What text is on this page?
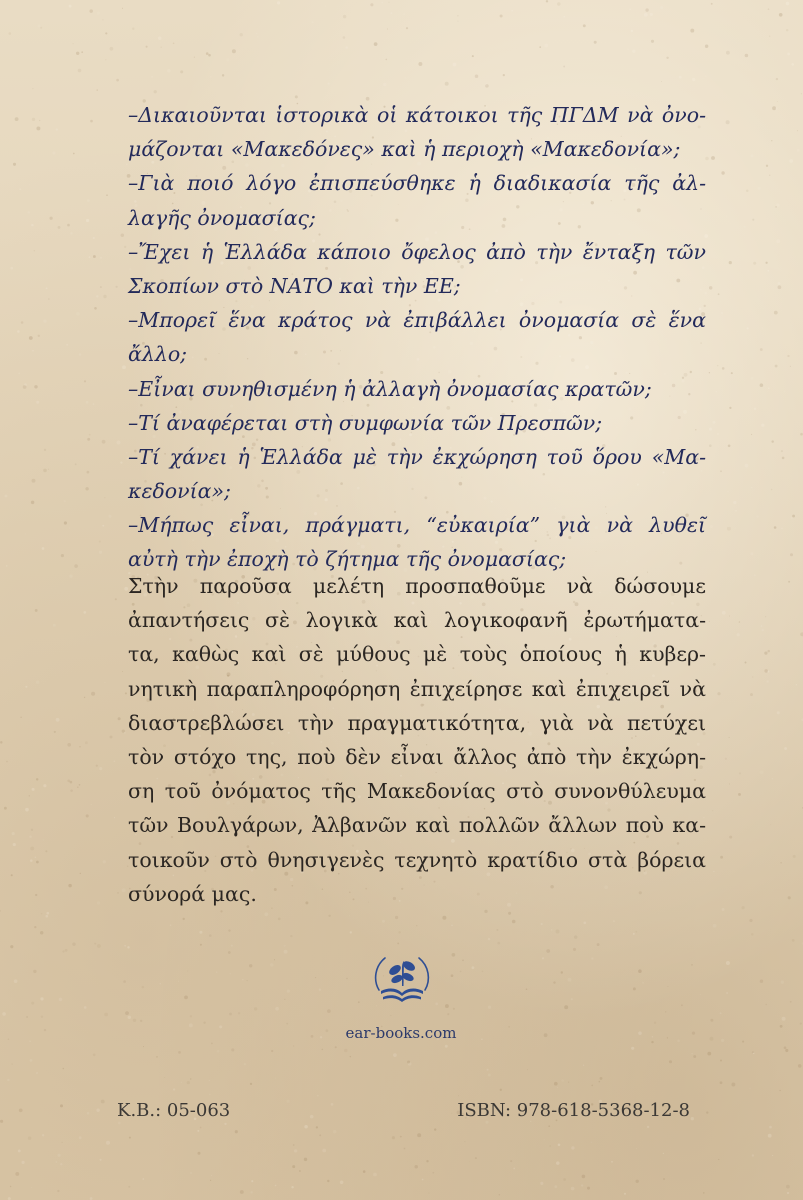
–Δικαιοῦνται ἱστορικὰ οἱ κάτοικοι τῆς ΠΓΔΜ νὰ ὀνο-
μάζονται «Μακεδόνες» καὶ ἡ περιοχὴ «Μακεδονία»;
–Γιὰ ποιό λόγο ἐπισπεύσθηκε ἡ διαδικασία τῆς ἀλ-
λαγῆς ὀνομασίας;
–Ἔχει ἡ Ἑλλάδα κάποιο ὄφελος ἀπὸ τὴν ἔνταξη τῶν
Σκοπίων στὸ ΝΑΤΟ καὶ τὴν ΕΕ;
–Μπορεῖ ἕνα κράτος νὰ ἐπιβάλλει ὀνομασία σὲ ἕνα
ἄλλο;
–Εἶναι συνηθισμένη ἡ ἀλλαγὴ ὀνομασίας κρατῶν;
–Τί ἀναφέρεται στὴ συμφωνία τῶν Πρεσπῶν;
–Τί χάνει ἡ Ἑλλάδα μὲ τὴν ἐκχώρηση τοῦ ὅρου «Μα-
κεδονία»;
–Μήπως εἶναι, πράγματι, “εὐκαιρία” γιὰ νὰ λυθεῖ
αὐτὴ τὴν ἐποχὴ τὸ ζήτημα τῆς ὀνομασίας;
Στὴν παροῦσα μελέτη προσπαθοῦμε νὰ δώσουμε
ἀπαντήσεις σὲ λογικὰ καὶ λογικοφανῆ ἐρωτήματα-
τα, καθὼς καὶ σὲ μύθους μὲ τοὺς ὁποίους ἡ κυβερ-
νητικὴ παραπληροφόρηση ἐπιχείρησε καὶ ἐπιχειρεῖ νὰ
διαστρεβλώσει τὴν πραγματικότητα, γιὰ νὰ πετύχει
τὸν στόχο της, ποὺ δὲν εἶναι ἄλλος ἀπὸ τὴν ἐκχώρη-
ση τοῦ ὀνόματος τῆς Μακεδονίας στὸ συνονθύλευμα
τῶν Βουλγάρων, Ἀλβανῶν καὶ πολλῶν ἄλλων ποὺ κα-
τοικοῦν στὸ θνησιγενὲς τεχνητὸ κρατίδιο στὰ βόρεια
σύνορά μας.
ear-books.com
Κ.Β.: 05-063	ISBN: 978-618-5368-12-8
